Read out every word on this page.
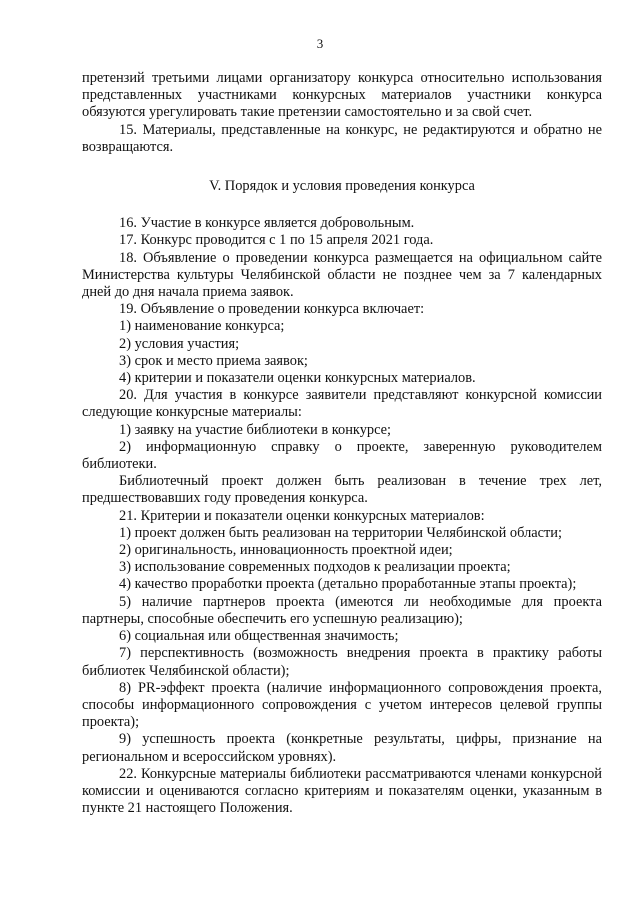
3

претензий третьими лицами организатору конкурса относительно использования представленных участниками конкурсных материалов участники конкурса обязуются урегулировать такие претензии самостоятельно и за свой счет.

15. Материалы, представленные на конкурс, не редактируются и обратно не возвращаются.

V. Порядок и условия проведения конкурса

16. Участие в конкурсе является добровольным.

17. Конкурс проводится с 1 по 15 апреля 2021 года.

18. Объявление о проведении конкурса размещается на официальном сайте Министерства культуры Челябинской области не позднее чем за 7 календарных дней до дня начала приема заявок.

19. Объявление о проведении конкурса включает:

1) наименование конкурса;

2) условия участия;

3) срок и место приема заявок;

4) критерии и показатели оценки конкурсных материалов.

20. Для участия в конкурсе заявители представляют конкурсной комиссии следующие конкурсные материалы:

1) заявку на участие библиотеки в конкурсе;

2) информационную справку о проекте, заверенную руководителем библиотеки.

Библиотечный проект должен быть реализован в течение трех лет, предшествовавших году проведения конкурса.

21. Критерии и показатели оценки конкурсных материалов:

1) проект должен быть реализован на территории Челябинской области;

2) оригинальность, инновационность проектной идеи;

3) использование современных подходов к реализации проекта;

4) качество проработки проекта (детально проработанные этапы проекта);

5) наличие партнеров проекта (имеются ли необходимые для проекта партнеры, способные обеспечить его успешную реализацию);

6) социальная или общественная значимость;

7) перспективность (возможность внедрения проекта в практику работы библиотек Челябинской области);

8) PR-эффект проекта (наличие информационного сопровождения проекта, способы информационного сопровождения с учетом интересов целевой группы проекта);

9) успешность проекта (конкретные результаты, цифры, признание на региональном и всероссийском уровнях).

22. Конкурсные материалы библиотеки рассматриваются членами конкурсной комиссии и оцениваются согласно критериям и показателям оценки, указанным в пункте 21 настоящего Положения.
